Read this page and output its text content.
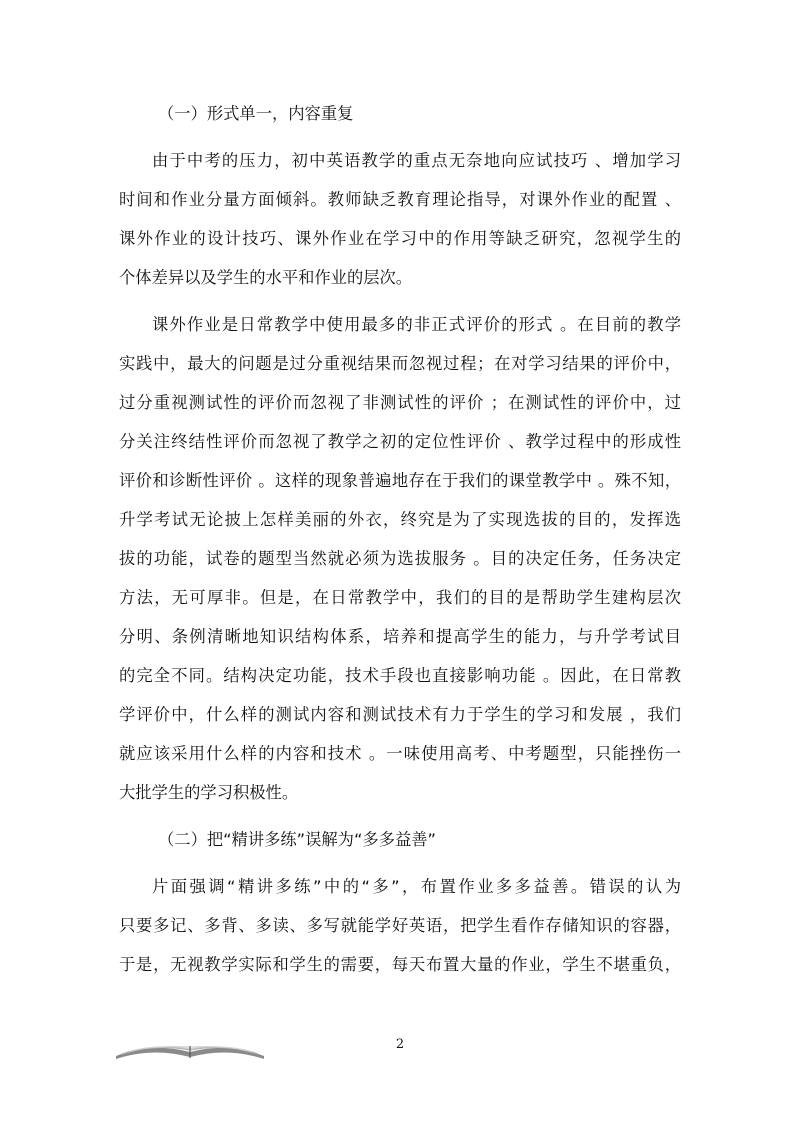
（一）形式单一，内容重复
由于中考的压力，初中英语教学的重点无奈地向应试技巧 、增加学习
时间和作业分量方面倾斜。教师缺乏教育理论指导，对课外作业的配置 、
课外作业的设计技巧、课外作业在学习中的作用等缺乏研究，忽视学生的
个体差异以及学生的水平和作业的层次。
课外作业是日常教学中使用最多的非正式评价的形式 。在目前的教学
实践中，最大的问题是过分重视结果而忽视过程；在对学习结果的评价中，
过分重视测试性的评价而忽视了非测试性的评价 ；在测试性的评价中，过
分关注终结性评价而忽视了教学之初的定位性评价 、教学过程中的形成性
评价和诊断性评价 。这样的现象普遍地存在于我们的课堂教学中 。殊不知，
升学考试无论披上怎样美丽的外衣，终究是为了实现选拔的目的，发挥选
拔的功能，试卷的题型当然就必须为选拔服务 。目的决定任务，任务决定
方法，无可厚非。但是，在日常教学中，我们的目的是帮助学生建构层次
分明、条例清晰地知识结构体系，培养和提高学生的能力，与升学考试目
的完全不同。结构决定功能，技术手段也直接影响功能 。因此，在日常教
学评价中，什么样的测试内容和测试技术有力于学生的学习和发展 ，我们
就应该采用什么样的内容和技术 。一味使用高考、中考题型，只能挫伤一
大批学生的学习积极性。
（二）把“精讲多练”误解为“多多益善”
片面强调“精讲多练”中的“多”，布置作业多多益善。错误的认为
只要多记、多背、多读、多写就能学好英语，把学生看作存储知识的容器，
于是，无视教学实际和学生的需要，每天布置大量的作业，学生不堪重负，
2
